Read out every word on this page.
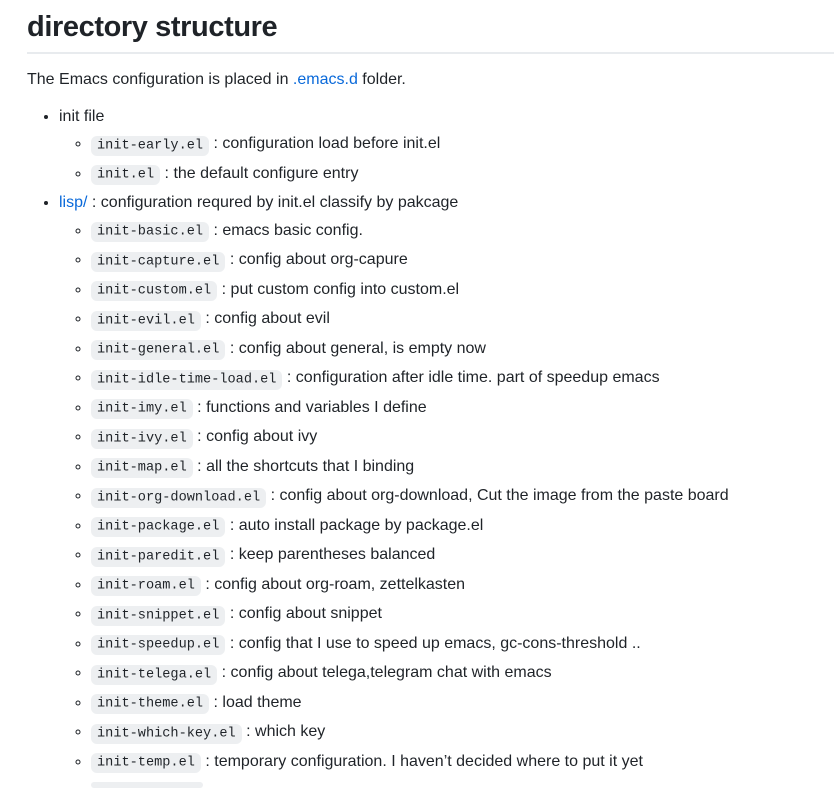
directory structure

The Emacs configuration is placed in .emacs.d folder.

• init file
◦ init-early.el : configuration load before init.el
◦ init.el : the default configure entry
• lisp/ : configuration requred by init.el classify by pakcage
◦ init-basic.el : emacs basic config.
◦ init-capture.el : config about org-capure
◦ init-custom.el : put custom config into custom.el
◦ init-evil.el : config about evil
◦ init-general.el : config about general, is empty now
◦ init-idle-time-load.el : configuration after idle time. part of speedup emacs
◦ init-imy.el : functions and variables I define
◦ init-ivy.el : config about ivy
◦ init-map.el : all the shortcuts that I binding
◦ init-org-download.el : config about org-download, Cut the image from the paste board
◦ init-package.el : auto install package by package.el
◦ init-paredit.el : keep parentheses balanced
◦ init-roam.el : config about org-roam, zettelkasten
◦ init-snippet.el : config about snippet
◦ init-speedup.el : config that I use to speed up emacs, gc-cons-threshold ..
◦ init-telega.el : config about telega,telegram chat with emacs
◦ init-theme.el : load theme
◦ init-which-key.el : which key
◦ init-temp.el : temporary configuration. I haven’t decided where to put it yet
